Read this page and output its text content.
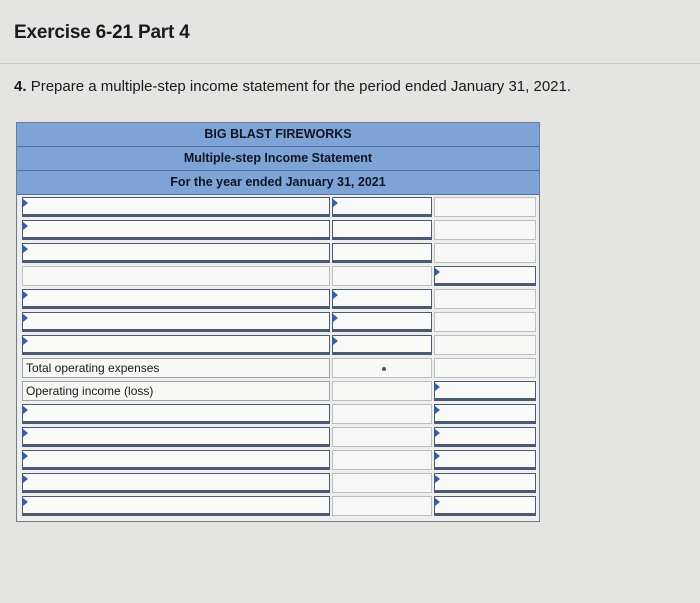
Exercise 6-21 Part 4
4. Prepare a multiple-step income statement for the period ended January 31, 2021.
BIG BLAST FIREWORKS
Multiple-step Income Statement
For the year ended January 31, 2021
Total operating expenses
Operating income (loss)
